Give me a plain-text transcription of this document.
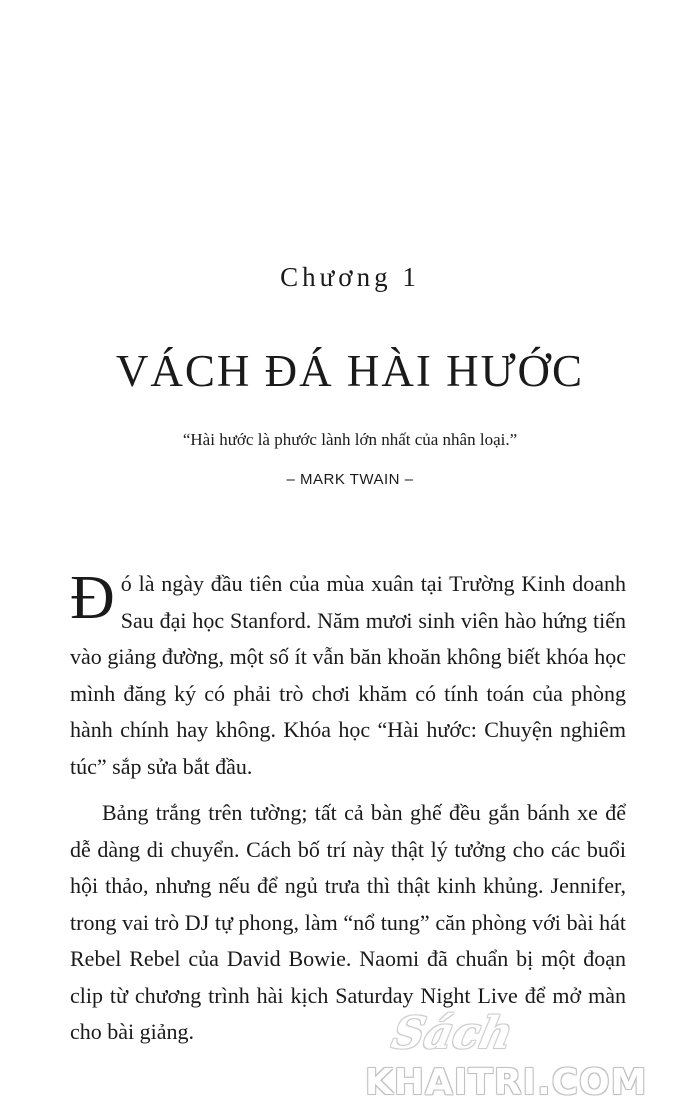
Chương 1
VÁCH ĐÁ HÀI HƯỚC
“Hài hước là phước lành lớn nhất của nhân loại.”
– MARK TWAIN –

Đó là ngày đầu tiên của mùa xuân tại Trường Kinh doanh Sau đại học Stanford. Năm mươi sinh viên hào hứng tiến vào giảng đường, một số ít vẫn băn khoăn không biết khóa học mình đăng ký có phải trò chơi khăm có tính toán của phòng hành chính hay không. Khóa học “Hài hước: Chuyện nghiêm túc” sắp sửa bắt đầu.

Bảng trắng trên tường; tất cả bàn ghế đều gắn bánh xe để dễ dàng di chuyển. Cách bố trí này thật lý tưởng cho các buổi hội thảo, nhưng nếu để ngủ trưa thì thật kinh khủng. Jennifer, trong vai trò DJ tự phong, làm “nổ tung” căn phòng với bài hát Rebel Rebel của David Bowie. Naomi đã chuẩn bị một đoạn clip từ chương trình hài kịch Saturday Night Live để mở màn cho bài giảng.	Sách
KHAITRI.COM
